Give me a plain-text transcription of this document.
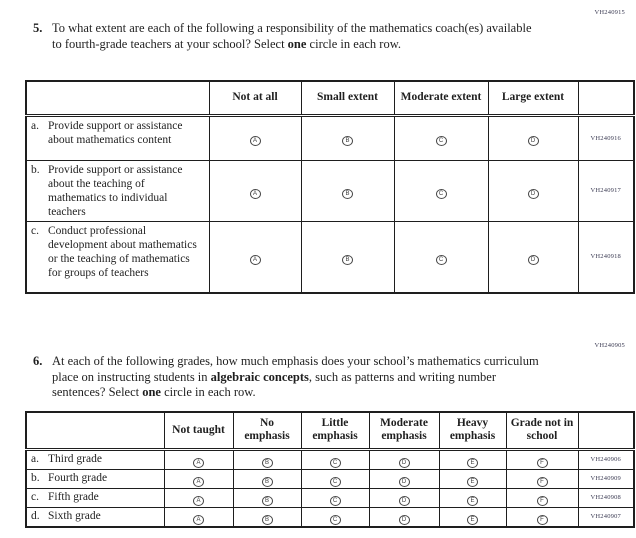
VH240915
5. To what extent are each of the following a responsibility of the mathematics coach(es) available to fourth-grade teachers at your school? Select one circle in each row.
	Not at all	Small extent	Moderate extent	Large extent	
a. Provide support or assistance about mathematics content	A	B	C	D	VH240916
b. Provide support or assistance about the teaching of mathematics to individual teachers	A	B	C	D	VH240917
c. Conduct professional development about mathematics or the teaching of mathematics for groups of teachers	A	B	C	D	VH240918
VH240905
6. At each of the following grades, how much emphasis does your school’s mathematics curriculum place on instructing students in algebraic concepts, such as patterns and writing number sentences? Select one circle in each row.
	Not taught	No emphasis	Little emphasis	Moderate emphasis	Heavy emphasis	Grade not in school	
a. Third grade	A	B	C	D	E	F	VH240906
b. Fourth grade	A	B	C	D	E	F	VH240909
c. Fifth grade	A	B	C	D	E	F	VH240908
d. Sixth grade	A	B	C	D	E	F	VH240907
